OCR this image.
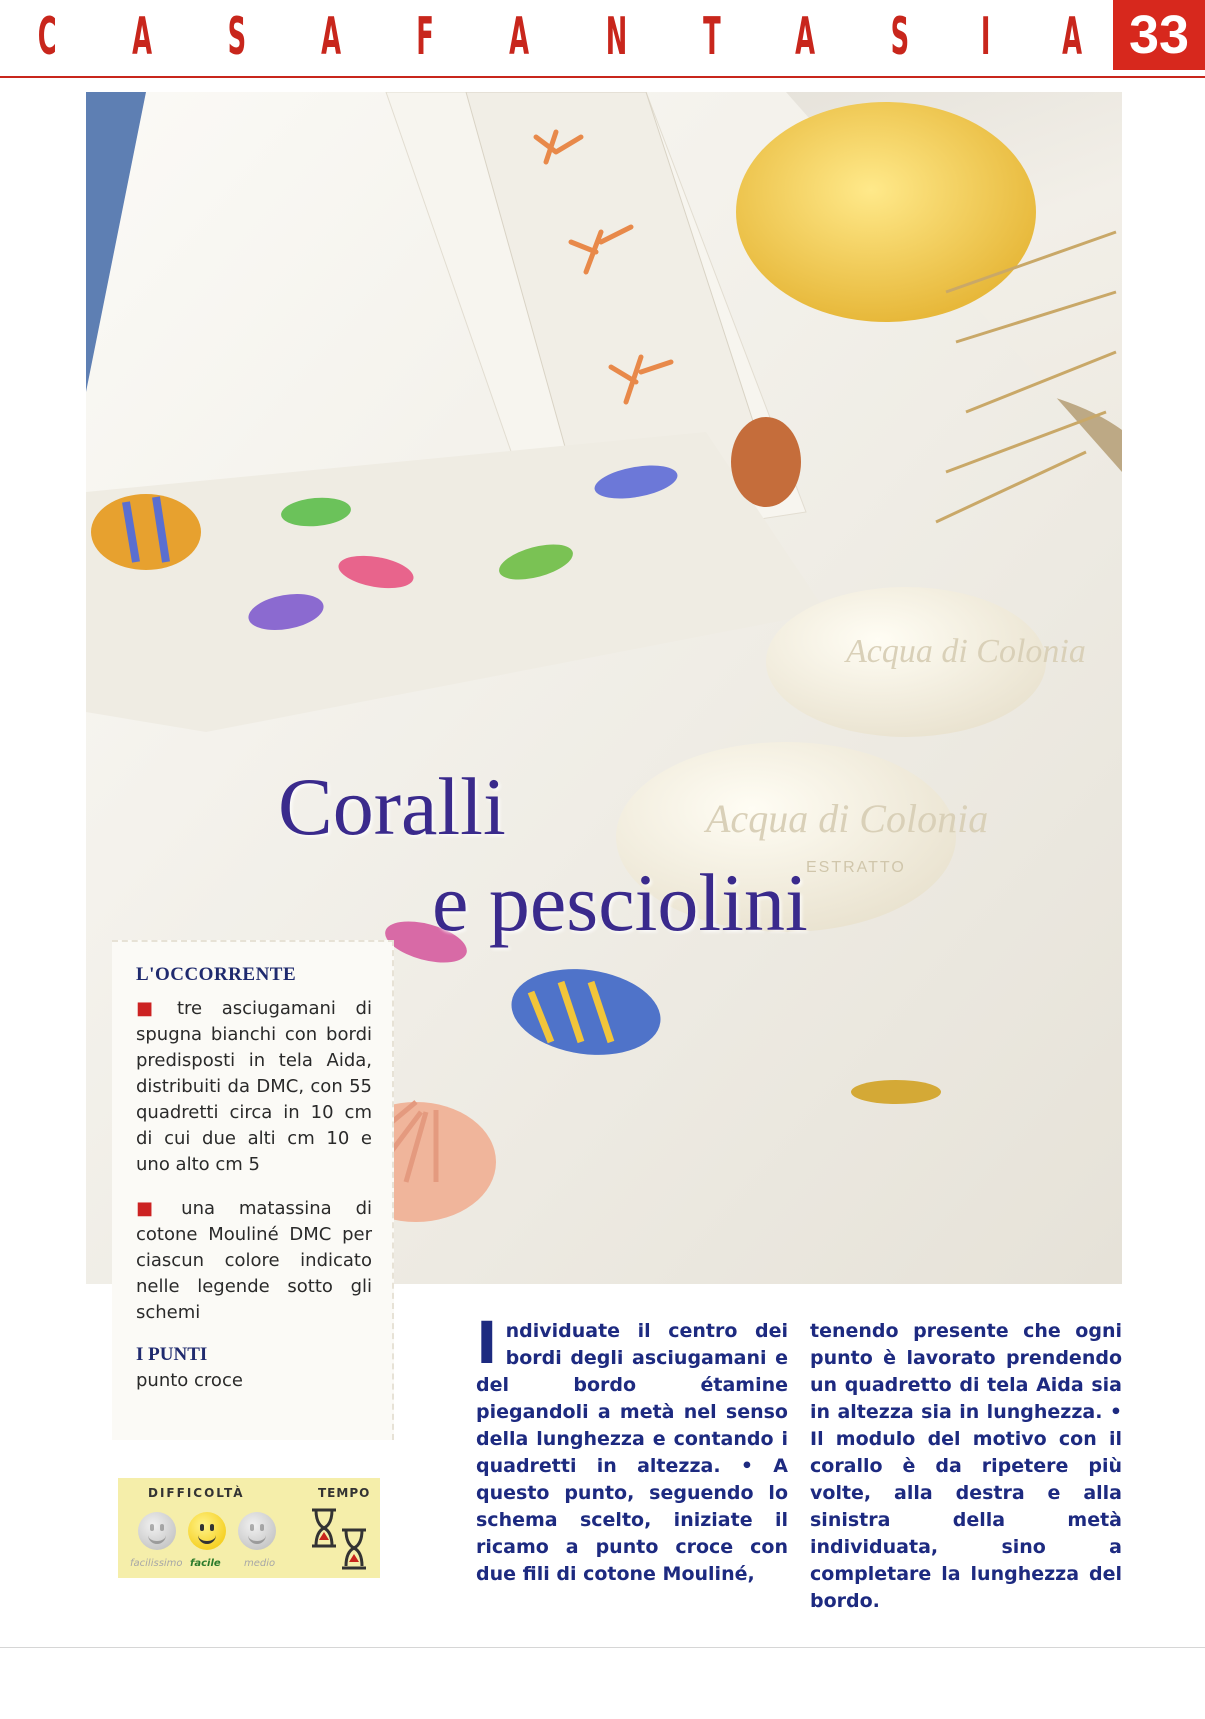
C A S A F A N T A S I A 33
Acqua di Colonia
Acqua di Colonia
ESTRATTO
Coralli
e pesciolini
L'OCCORRENTE

■ tre asciugamani di spugna bianchi con bordi predisposti in tela Aida, distribuiti da DMC, con 55 quadretti circa in 10 cm di cui due alti cm 10 e uno alto cm 5

■ una matassina di cotone Mouliné DMC per ciascun colore indicato nelle legende sotto gli schemi

I PUNTI

punto croce

DIFFICOLTÀ	TEMPO
facilissimo facile medio
Individuate il centro dei bordi degli asciugamani e del bordo étamine piegandoli a metà nel senso della lunghezza e contando i quadretti in altezza. • A questo punto, seguendo lo schema scelto, iniziate il ricamo a punto croce con due fili di cotone Mouliné,
tenendo presente che ogni punto è lavorato prendendo un quadretto di tela Aida sia in altezza sia in lunghezza. • Il modulo del motivo con il corallo è da ripetere più volte, alla destra e alla sinistra della metà individuata, sino a completare la lunghezza del bordo.
